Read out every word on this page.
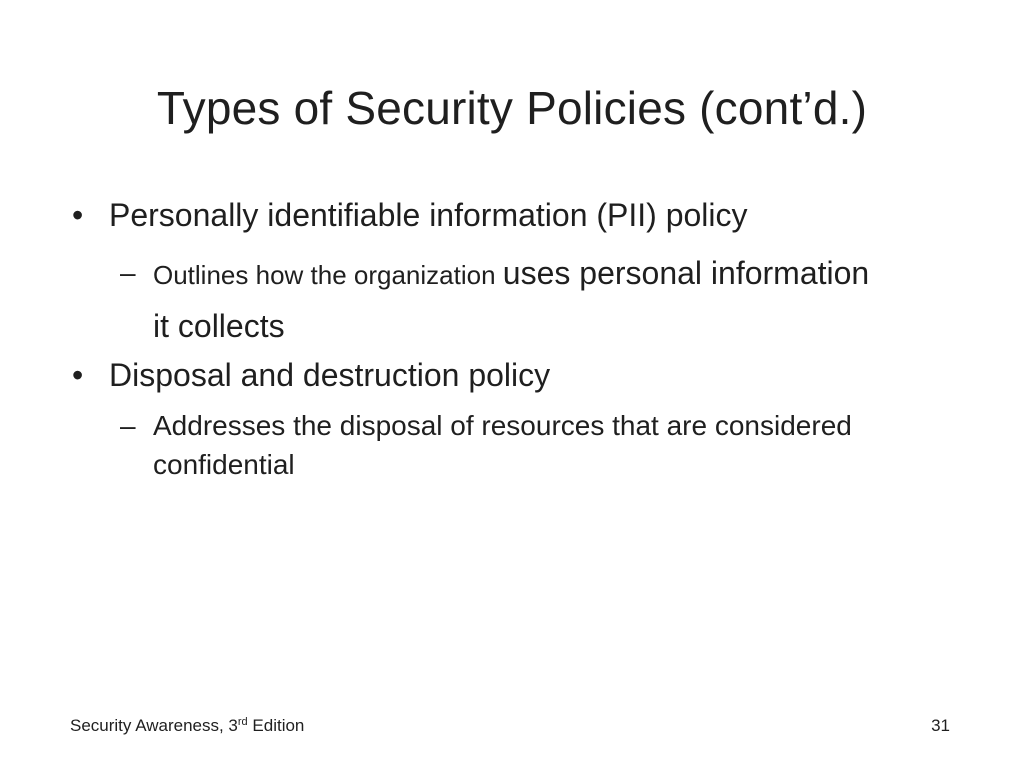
Types of Security Policies (cont’d.)
• Personally identifiable information (PII) policy
– Outlines how the organization uses personal information it collects
• Disposal and destruction policy
– Addresses the disposal of resources that are considered confidential
Security Awareness, 3rd Edition	31
